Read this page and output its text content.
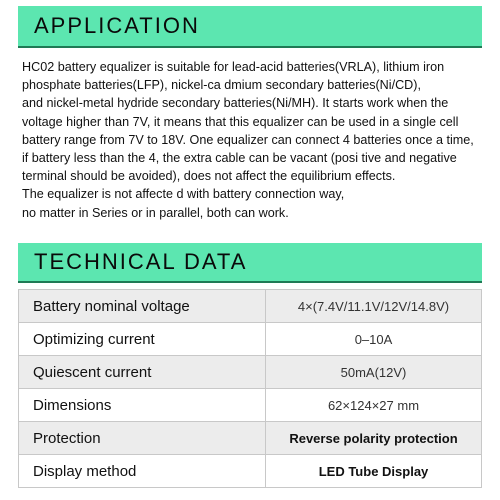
APPLICATION

HC02 battery equalizer is suitable for lead-acid batteries(VRLA), lithium iron
phosphate batteries(LFP), nickel-ca dmium secondary batteries(Ni/CD),
and nickel-metal hydride secondary batteries(Ni/MH). It starts work when the
voltage higher than 7V, it means that this equalizer can be used in a single cell
battery range from 7V to 18V. One equalizer can connect 4 batteries once a time,
if battery less than the 4, the extra cable can be vacant (posi tive and negative
terminal should be avoided), does not affect the equilibrium effects.
The equalizer is not affecte d with battery connection way,
no matter in Series or in parallel, both can work.

TECHNICAL DATA
Battery nominal voltage	4×(7.4V/11.1V/12V/14.8V)
Optimizing current	0–10A
Quiescent current	50mA(12V)
Dimensions	62×124×27 mm
Protection	Reverse polarity protection
Display method	LED Tube Display
